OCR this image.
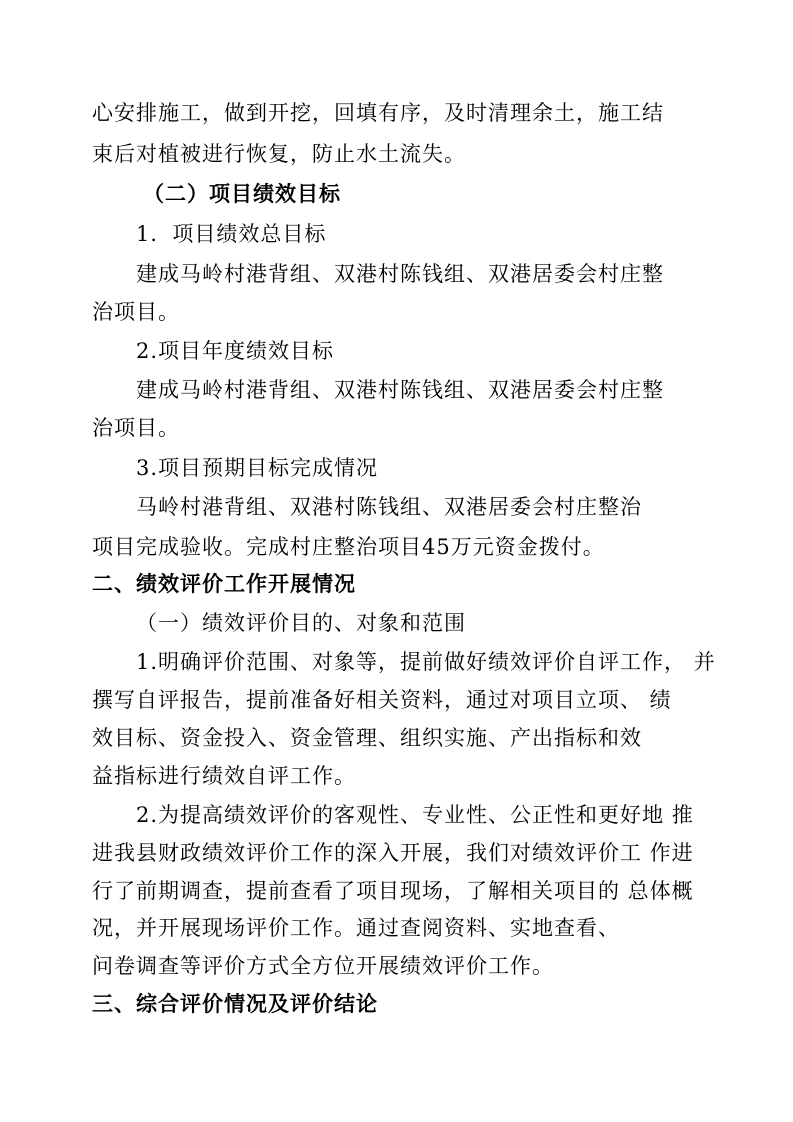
心安排施工，做到开挖，回填有序，及时清理余土，施工结
束后对植被进行恢复，防止水土流失。
（二）项目绩效目标
1．项目绩效总目标
建成马岭村港背组、双港村陈钱组、双港居委会村庄整
治项目。
2.项目年度绩效目标
建成马岭村港背组、双港村陈钱组、双港居委会村庄整
治项目。
3.项目预期目标完成情况
马岭村港背组、双港村陈钱组、双港居委会村庄整治
项目完成验收。完成村庄整治项目45万元资金拨付。
二、绩效评价工作开展情况
（一）绩效评价目的、对象和范围
1.明确评价范围、对象等，提前做好绩效评价自评工作， 并
撰写自评报告，提前准备好相关资料，通过对项目立项、 绩
效目标、资金投入、资金管理、组织实施、产出指标和效
益指标进行绩效自评工作。
2.为提高绩效评价的客观性、专业性、公正性和更好地 推
进我县财政绩效评价工作的深入开展，我们对绩效评价工 作进
行了前期调查，提前查看了项目现场，了解相关项目的 总体概
况，并开展现场评价工作。通过查阅资料、实地查看、
问卷调查等评价方式全方位开展绩效评价工作。
三、综合评价情况及评价结论
